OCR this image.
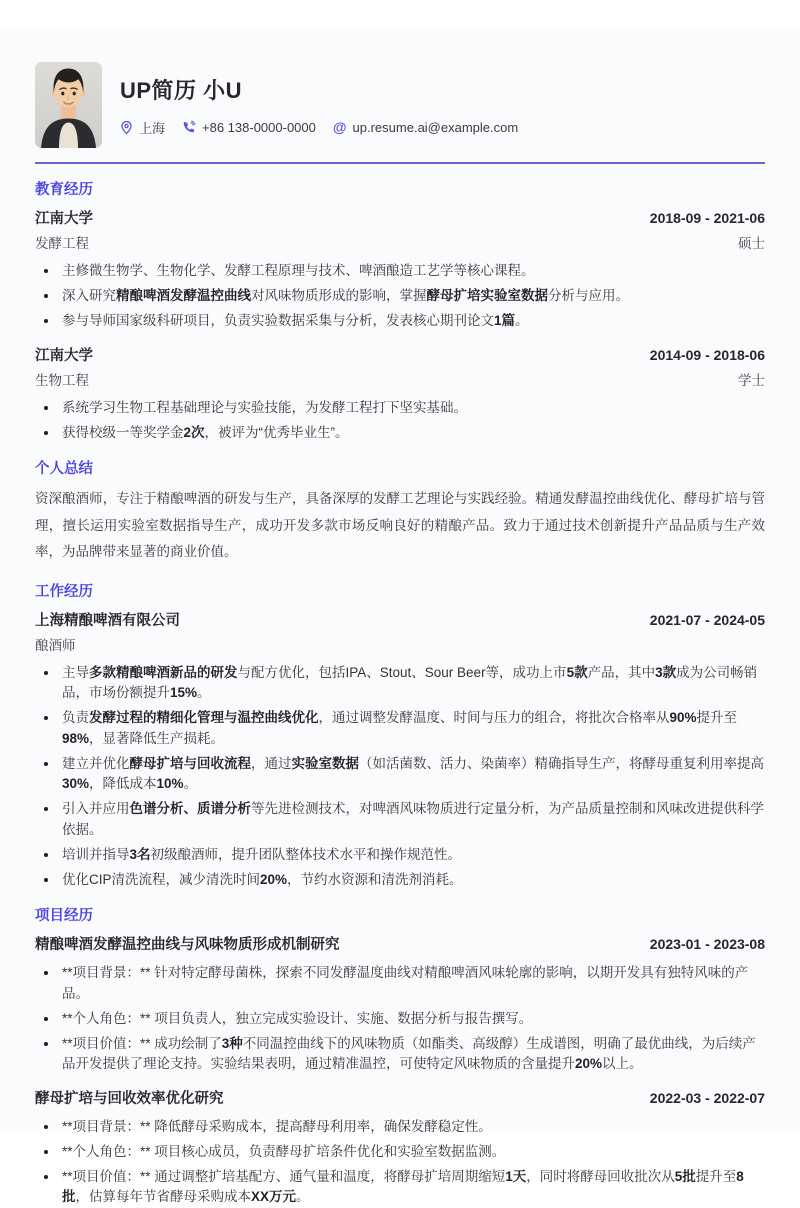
UP简历 小U
上海	+86 138-0000-0000 @ up.resume.ai@example.com
教育经历
江南大学	2018-09 - 2021-06
发酵工程	硕士
主修微生物学、生物化学、发酵工程原理与技术、啤酒酿造工艺学等核心课程。
深入研究精酿啤酒发酵温控曲线对风味物质形成的影响，掌握酵母扩培实验室数据分析与应用。
参与导师国家级科研项目，负责实验数据采集与分析，发表核心期刊论文1篇。
江南大学	2014-09 - 2018-06
生物工程	学士
系统学习生物工程基础理论与实验技能，为发酵工程打下坚实基础。
获得校级一等奖学金2次，被评为“优秀毕业生”。
个人总结

资深酿酒师，专注于精酿啤酒的研发与生产，具备深厚的发酵工艺理论与实践经验。精通发酵温控曲线优化、酵母扩培与管理，擅长运用实验室数据指导生产，成功开发多款市场反响良好的精酿产品。致力于通过技术创新提升产品品质与生产效率，为品牌带来显著的商业价值。

工作经历
上海精酿啤酒有限公司	2021-07 - 2024-05
酿酒师
主导多款精酿啤酒新品的研发与配方优化，包括IPA、Stout、Sour Beer等，成功上市5款产品，其中3款成为公司畅销品，市场份额提升15%。
负责发酵过程的精细化管理与温控曲线优化，通过调整发酵温度、时间与压力的组合，将批次合格率从90%提升至98%，显著降低生产损耗。
建立并优化酵母扩培与回收流程，通过实验室数据（如活菌数、活力、染菌率）精确指导生产，将酵母重复利用率提高30%，降低成本10%。
引入并应用色谱分析、质谱分析等先进检测技术，对啤酒风味物质进行定量分析，为产品质量控制和风味改进提供科学依据。
培训并指导3名初级酿酒师，提升团队整体技术水平和操作规范性。
优化CIP清洗流程，减少清洗时间20%，节约水资源和清洗剂消耗。
项目经历
精酿啤酒发酵温控曲线与风味物质形成机制研究	2023-01 - 2023-08
**项目背景：** 针对特定酵母菌株，探索不同发酵温度曲线对精酿啤酒风味轮廓的影响，以期开发具有独特风味的产品。
**个人角色：** 项目负责人，独立完成实验设计、实施、数据分析与报告撰写。
**项目价值：** 成功绘制了3种不同温控曲线下的风味物质（如酯类、高级醇）生成谱图，明确了最优曲线，为后续产品开发提供了理论支持。实验结果表明，通过精准温控，可使特定风味物质的含量提升20%以上。
酵母扩培与回收效率优化研究	2022-03 - 2022-07
**项目背景：** 降低酵母采购成本，提高酵母利用率，确保发酵稳定性。
**个人角色：** 项目核心成员，负责酵母扩培条件优化和实验室数据监测。
**项目价值：** 通过调整扩培基配方、通气量和温度，将酵母扩培周期缩短1天，同时将酵母回收批次从5批提升至8批，估算每年节省酵母采购成本XX万元。
